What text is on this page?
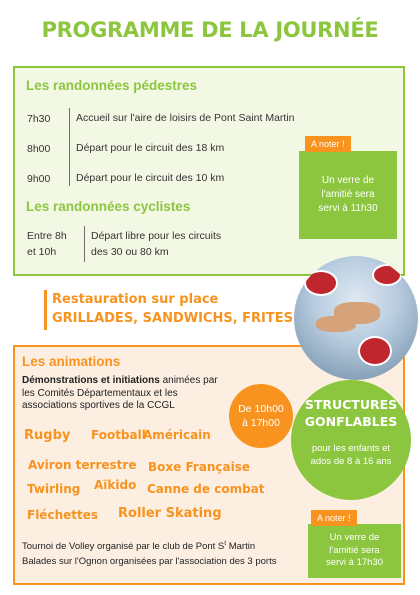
PROGRAMME DE LA JOURNÉE
Les randonnées pédestres
7h30 Accueil sur l'aire de loisirs de Pont Saint Martin
8h00 Départ pour le circuit des 18 km
9h00 Départ pour le circuit des 10 km
Les randonnées cyclistes
Entre 8h
et 10h
Départ libre pour les circuits
des 30 ou 80 km
A noter !
Un verre de
l'amitié sera
servi à 11h30
Restauration sur place
GRILLADES, SANDWICHS, FRITES
Les animations
Démonstrations et initiations animées par les Comités Départementaux et les associations sportives de la CCGL
Rugby Football
Américain
Aviron terrestre Boxe Française
Twirling Aïkido Canne de combat
Fléchettes Roller Skating
De 10h00
à 17h00
STRUCTURES
GONFLABLES
pour les enfants et
ados de 8 à 16 ans
A noter !
Un verre de
l'amitié sera
servi à 17h30
Tournoi de Volley organisé par le club de Pont $S^t$ Martin
Balades sur l'Ognon organisées par l'association des 3 ports
